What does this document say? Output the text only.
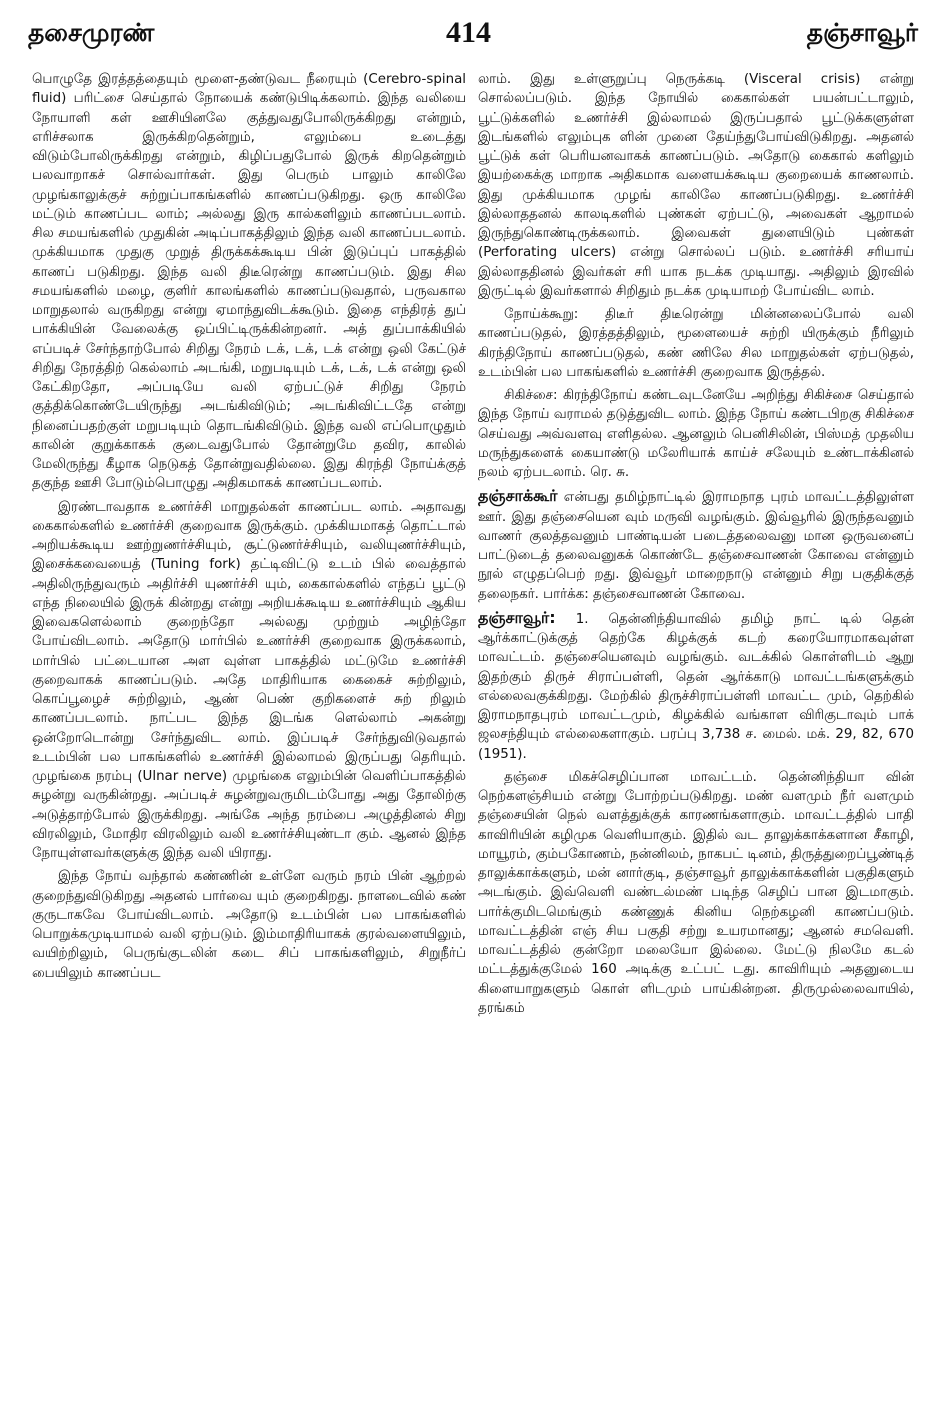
தசைமுரண்	414	தஞ்சாவூர்

பொழுதே இரத்தத்தையும் மூளை-தண்டுவட நீரையும் (Cerebro-spinal fluid) பரிட்சை செய்தால் நோயைக் கண்டுபிடிக்கலாம். இந்த வலியை நோயாளி கள் ஊசியினலே குத்துவதுபோலிருக்கிறது என்றும், எரிச்சலாக இருக்கிறதென்றும், எலும்பை உடைத்து விடும்போலிருக்கிறது என்றும், கிழிப்பதுபோல் இருக் கிறதென்றும் பலவாறாகச் சொல்வார்கள். இது பெரும் பாலும் காலிலே முழங்காலுக்குச் சுற்றுப்பாகங்களில் காணப்படுகிறது. ஒரு காலிலே மட்டும் காணப்பட லாம்; அல்லது இரு கால்களிலும் காணப்படலாம். சில சமயங்களில் முதுகின் அடிப்பாகத்திலும் இந்த வலி காணப்படலாம். முக்கியமாக முதுகு முறுத் திருக்கக்கூடிய பின் இடுப்புப் பாகத்தில் காணப் படுகிறது. இந்த வலி திடீரென்று காணப்படும். இது சில சமயங்களில் மழை, குளிர் காலங்களில் காணப்படுவதால், பருவகால மாறுதலால் வருகிறது என்று ஏமாந்துவிடக்கூடும். இதை எந்திரத் துப் பாக்கியின் வேலைக்கு ஒப்பிட்டிருக்கின்றனர். அத் துப்பாக்கியில் எப்படிச் சேர்ந்தாற்போல் சிறிது நேரம் டக், டக், டக் என்று ஒலி கேட்டுச் சிறிது நேரத்திற் கெல்லாம் அடங்கி, மறுபடியும் டக், டக், டக் என்று ஒலி கேட்கிறதோ, அப்படியே வலி ஏற்பட்டுச் சிறிது நேரம் குத்திக்கொண்டேயிருந்து அடங்கிவிடும்; அடங்கிவிட்டதே என்று நினைப்பதற்குள் மறுபடியும் தொடங்கிவிடும். இந்த வலி எப்பொழுதும் காலின் குறுக்காகக் குடைவதுபோல் தோன்றுமே தவிர, காலில் மேலிருந்து கீழாக நெடுகத் தோன்றுவதில்லை. இது கிரந்தி நோய்க்குத் தகுந்த ஊசி போடும்பொழுது அதிகமாகக் காணப்படலாம்.

இரண்டாவதாக உணர்ச்சி மாறுதல்கள் காணப்பட லாம். அதாவது கைகால்களில் உணர்ச்சி குறைவாக இருக்கும். முக்கியமாகத் தொட்டால் அறியக்கூடிய ஊற்றுணர்ச்சியும், சூட்டுணர்ச்சியும், வலியுணர்ச்சியும், இசைக்கவையைத் (Tuning fork) தட்டிவிட்டு உடம் பில் வைத்தால் அதிலிருந்துவரும் அதிர்ச்சி யுணர்ச்சி யும், கைகால்களில் எந்தப் பூட்டு எந்த நிலையில் இருக் கின்றது என்று அறியக்கூடிய உணர்ச்சியும் ஆகிய இவைகளெல்லாம் குறைந்தோ அல்லது முற்றும் அழிந்தோ போய்விடலாம். அதோடு மார்பில் உணர்ச்சி குறைவாக இருக்கலாம், மார்பில் பட்டையான அள வுள்ள பாகத்தில் மட்டுமே உணர்ச்சி குறைவாகக் காணப்படும். அதே மாதிரியாக கைகைச் சுற்றிலும், கொப்பூழைச் சுற்றிலும், ஆண் பெண் குறிகளைச் சுற் றிலும் காணப்படலாம். நாட்பட இந்த இடங்க ளெல்லாம் அகன்று ஒன்றோடொன்று சேர்ந்துவிட லாம். இப்படிச் சேர்ந்துவிடுவதால் உடம்பின் பல பாகங்களில் உணர்ச்சி இல்லாமல் இருப்பது தெரியும். முழங்கை நரம்பு (Ulnar nerve) முழங்கை எலும்பின் வெளிப்பாகத்தில் சுழன்று வருகின்றது. அப்படிச் சுழன்றுவருமிடம்போது அது தோலிற்கு அடுத்தாற்போல் இருக்கிறது. அங்கே அந்த நரம்பை அழுத்தினல் சிறு விரலிலும், மோதிர விரலிலும் வலி உணர்ச்சியுண்டா கும். ஆனல் இந்த நோயுள்ளவர்களுக்கு இந்த வலி யிராது.

இந்த நோய் வந்தால் கண்ணின் உள்ளே வரும் நரம் பின் ஆற்றல் குறைந்துவிடுகிறது அதனல் பார்வை யும் குறைகிறது. நாளடைவில் கண் குருடாகவே போய்விடலாம். அதோடு உடம்பின் பல பாகங்களில் பொறுக்கமுடியாமல் வலி ஏற்படும். இம்மாதிரியாகக் குரல்வளையிலும், வயிற்றிலும், பெருங்குடலின் கடை சிப் பாகங்களிலும், சிறுநீர்ப் பையிலும் காணப்பட

லாம். இது உள்ளுறுப்பு நெருக்கடி (Visceral crisis) என்று சொல்லப்படும். இந்த நோயில் கைகால்கள் பயன்பட்டாலும், பூட்டுக்களில் உணர்ச்சி இல்லாமல் இருப்பதால் பூட்டுக்களுள்ள இடங்களில் எலும்புக ளின் முனை தேய்ந்துபோய்விடுகிறது. அதனல் பூட்டுக் கள் பெரியனவாகக் காணப்படும். அதோடு கைகால் களிலும் இயற்கைக்கு மாறாக அதிகமாக வளையக்கூடிய குறையைக் காணலாம். இது முக்கியமாக முழங் காலிலே காணப்படுகிறது. உணர்ச்சி இல்லாததனல் காலடிகளில் புண்கள் ஏற்பட்டு, அவைகள் ஆறாமல் இருந்துகொண்டிருக்கலாம். இவைகள் துளையிடும் புண்கள் (Perforating ulcers) என்று சொல்லப் படும். உணர்ச்சி சரியாய் இல்லாததினல் இவர்கள் சரி யாக நடக்க முடியாது. அதிலும் இரவில் இருட்டில் இவர்களால் சிறிதும் நடக்க முடியாமற் போய்விட லாம்.

நோய்க்கூறு: திடீர் திடீரென்று மின்னலைப்போல் வலி காணப்படுதல், இரத்தத்திலும், மூளையைச் சுற்றி யிருக்கும் நீரிலும் கிரந்திநோய் காணப்படுதல், கண் ணிலே சில மாறுதல்கள் ஏற்படுதல், உடம்பின் பல பாகங்களில் உணர்ச்சி குறைவாக இருத்தல்.

சிகிச்சை: கிரந்திநோய் கண்டவுடனேயே அறிந்து சிகிச்சை செய்தால் இந்த நோய் வராமல் தடுத்துவிட லாம். இந்த நோய் கண்டபிறகு சிகிச்சை செய்வது அவ்வளவு எளிதல்ல. ஆனலும் பெனிசிலின், பிஸ்மத் முதலிய மருந்துகளைக் கையாண்டு மலேரியாக் காய்ச் சலேயும் உண்டாக்கினல் நலம் ஏற்படலாம். ரெ. சு.

தஞ்சாக்கூர் என்பது தமிழ்நாட்டில் இராமநாத புரம் மாவட்டத்திலுள்ள ஊர். இது தஞ்சையென வும் மருவி வழங்கும். இவ்வூரில் இருந்தவனும் வாணர் குலத்தவனும் பாண்டியன் படைத்தலைவனு மான ஒருவனைப் பாட்டுடைத் தலைவனுகக் கொண்டே தஞ்சைவாணன் கோவை என்னும் நூல் எழுதப்பெற் றது. இவ்வூர் மாறைநாடு என்னும் சிறு பகுதிக்குத் தலைநகர். பார்க்க: தஞ்சைவாணன் கோவை.

தஞ்சாவூர்: 1. தென்னிந்தியாவில் தமிழ் நாட் டில் தென் ஆர்க்காட்டுக்குத் தெற்கே கிழக்குக் கடற் கரையோரமாகவுள்ள மாவட்டம். தஞ்சையெனவும் வழங்கும். வடக்கில் கொள்ளிடம் ஆறு இதற்கும் திருச் சிராப்பள்ளி, தென் ஆர்க்காடு மாவட்டங்களுக்கும் எல்லைவகுக்கிறது. மேற்கில் திருச்சிராப்பள்ளி மாவட்ட மும், தெற்கில் இராமநாதபுரம் மாவட்டமும், கிழக்கில் வங்காள விரிகுடாவும் பாக் ஜலசந்தியும் எல்லைகளாகும். பரப்பு 3,738 ச. மைல். மக். 29, 82, 670 (1951).

தஞ்சை மிகச்செழிப்பான மாவட்டம். தென்னிந்தியா வின் நெற்களஞ்சியம் என்று போற்றப்படுகிறது. மண் வளமும் நீர் வளமும் தஞ்சையின் நெல் வளத்துக்குக் காரணங்களாகும். மாவட்டத்தில் பாதி காவிரியின் கழிமுக வெளியாகும். இதில் வட தாலுக்காக்களான சீகாழி, மாயூரம், கும்பகோணம், நன்னிலம், நாகபட் டினம், திருத்துறைப்பூண்டித் தாலுக்காக்களும், மன் னார்குடி, தஞ்சாவூர் தாலுக்காக்களின் பகுதிகளும் அடங்கும். இவ்வெளி வண்டல்மண் படிந்த செழிப் பான இடமாகும். பார்க்குமிடமெங்கும் கண்ணுக் கினிய நெற்கழனி காணப்படும். மாவட்டத்தின் எஞ் சிய பகுதி சற்று உயரமானது; ஆனல் சமவெளி. மாவட்டத்தில் குன்றோ மலையோ இல்லை. மேட்டு நிலமே கடல் மட்டத்துக்குமேல் 160 அடிக்கு உட்பட் டது. காவிரியும் அதனுடைய கிளையாறுகளும் கொள் ளிடமும் பாய்கின்றன. திருமுல்லைவாயில், தரங்கம்
